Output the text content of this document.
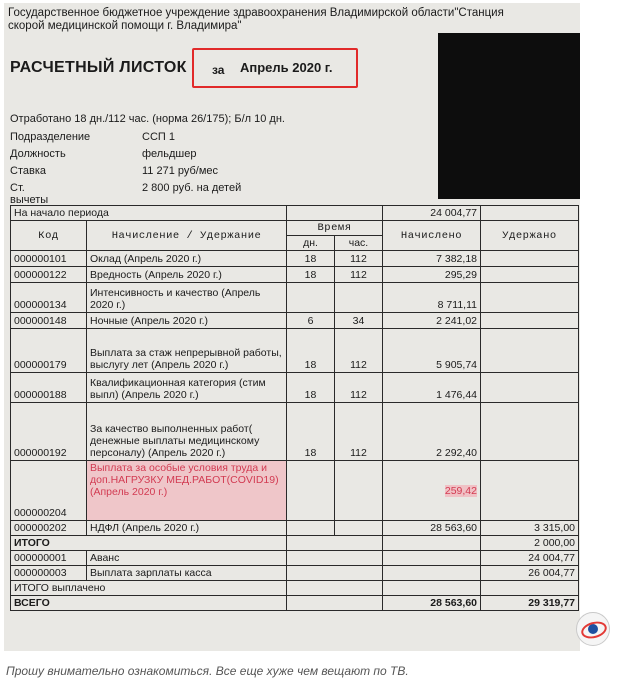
Государственное бюджетное учреждение здравоохранения Владимирской области"Станция
скорой медицинской помощи г. Владимира"
РАСЧЕТНЫЙ ЛИСТОК за Апрель 2020 г.
Отработано 18 дн./112 час. (норма 26/175); Б/л 10 дн.
Подразделение	ССП 1
Должность	фельдшер
Ставка	11 271 руб/мес
Ст. вычеты
2 800 руб. на детей
На начало периода				24 004,77	
Код	Начисление / Удержание	Время		Начислено	Удержано
		дн.	час.		
000000101	Оклад (Апрель 2020 г.)	18	112	7 382,18	
000000122	Вредность (Апрель 2020 г.)	18	112	295,29	
000000134	Интенсивность и качество (Апрель 2020 г.)			8 711,11	
000000148	Ночные (Апрель 2020 г.)	6	34	2 241,02	
000000179	Выплата за стаж непрерывной работы, выслугу лет (Апрель 2020 г.)	18	112	5 905,74	
000000188	Квалификационная категория (стим выпл) (Апрель 2020 г.)	18	112	1 476,44	
000000192	За качество выполненных работ( денежные выплаты медицинскому персоналу) (Апрель 2020 г.)	18	112	2 292,40	
000000204	Выплата за особые условия труда и доп.НАГРУЗКУ МЕД.РАБОТ(COVID19) (Апрель 2020 г.)			259,42	
000000202	НДФЛ (Апрель 2020 г.)			28 563,60	3 315,00
ИТОГО					2 000,00
000000001	Аванс				24 004,77
000000003	Выплата зарплаты касса				26 004,77
ИТОГО выплачено					
ВСЕГО				28 563,60	29 319,77
Прошу внимательно ознакомиться. Все еще хуже чем вещают по ТВ.
